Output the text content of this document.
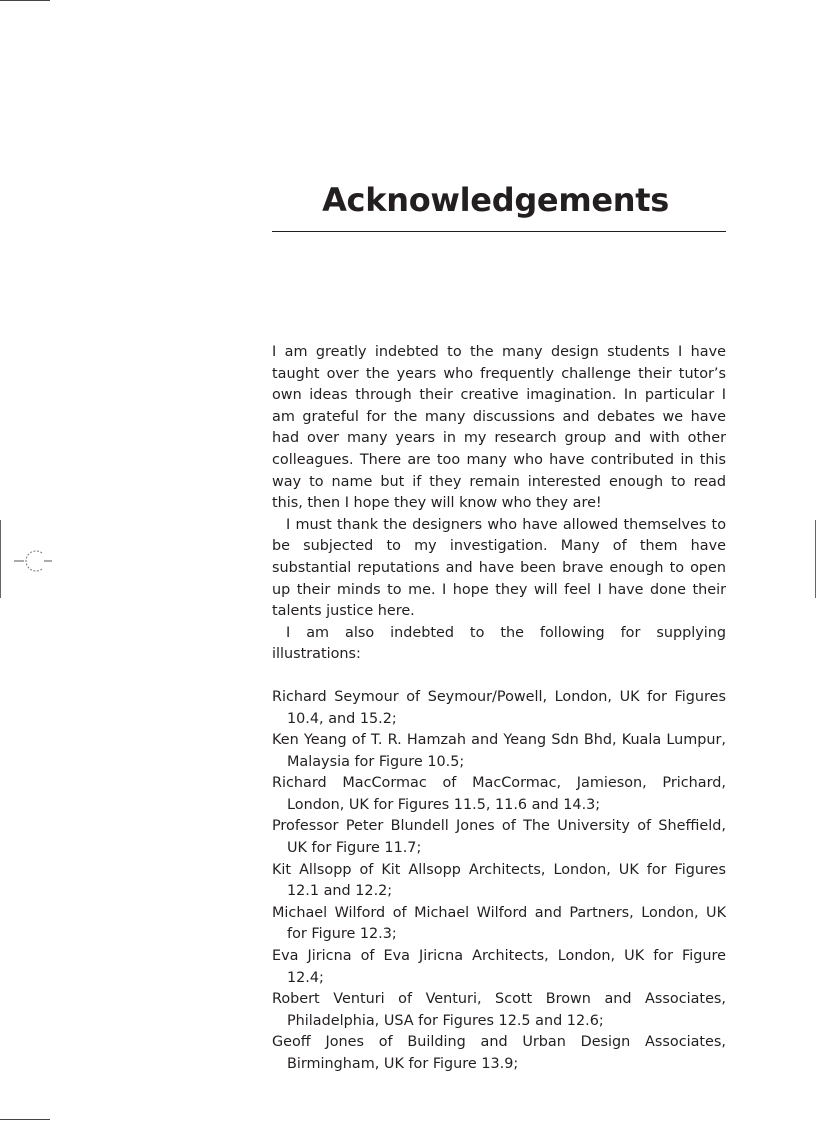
Acknowledgements

I am greatly indebted to the many design students I have taught over the years who frequently challenge their tutor’s own ideas through their creative imagination. In particular I am grateful for the many discussions and debates we have had over many years in my research group and with other colleagues. There are too many who have contributed in this way to name but if they remain interested enough to read this, then I hope they will know who they are!

I must thank the designers who have allowed themselves to be subjected to my investigation. Many of them have substantial reputations and have been brave enough to open up their minds to me. I hope they will feel I have done their talents justice here.

I am also indebted to the following for supplying illustrations:

Richard Seymour of Seymour/Powell, London, UK for Figures 10.4, and 15.2;
Ken Yeang of T. R. Hamzah and Yeang Sdn Bhd, Kuala Lumpur, Malaysia for Figure 10.5;
Richard MacCormac of MacCormac, Jamieson, Prichard, London, UK for Figures 11.5, 11.6 and 14.3;
Professor Peter Blundell Jones of The University of Sheffield, UK for Figure 11.7;
Kit Allsopp of Kit Allsopp Architects, London, UK for Figures 12.1 and 12.2;
Michael Wilford of Michael Wilford and Partners, London, UK for Figure 12.3;
Eva Jiricna of Eva Jiricna Architects, London, UK for Figure 12.4;
Robert Venturi of Venturi, Scott Brown and Associates, Philadelphia, USA for Figures 12.5 and 12.6;
Geoff Jones of Building and Urban Design Associates, Birmingham, UK for Figure 13.9;
